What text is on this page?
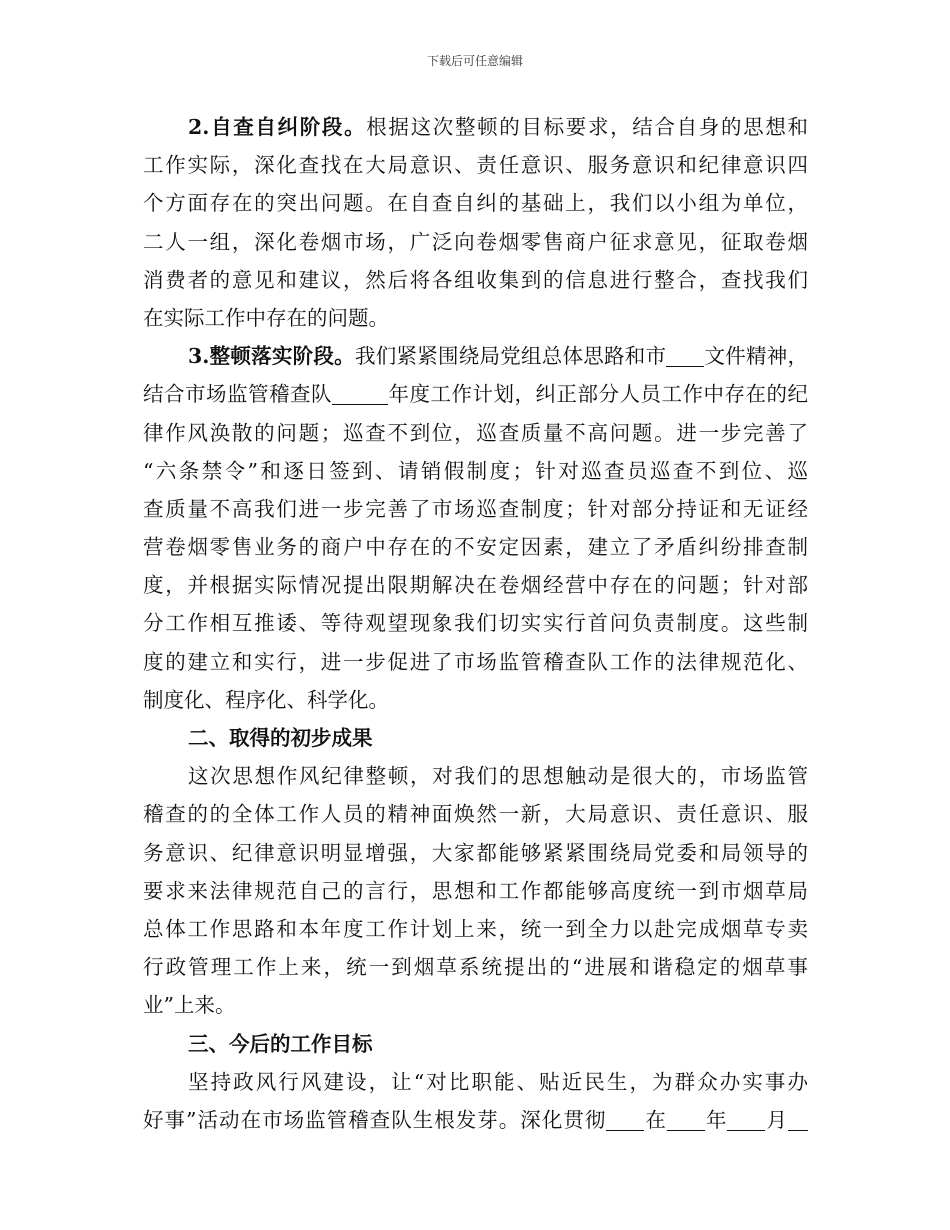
下载后可任意编辑
2.自查自纠阶段。根据这次整顿的目标要求，结合自身的思想和
工作实际，深化查找在大局意识、责任意识、服务意识和纪律意识四
个方面存在的突出问题。在自查自纠的基础上，我们以小组为单位，
二人一组，深化卷烟市场，广泛向卷烟零售商户征求意见，征取卷烟
消费者的意见和建议，然后将各组收集到的信息进行整合，查找我们
在实际工作中存在的问题。
3.整顿落实阶段。我们紧紧围绕局党组总体思路和市 文件精神，
结合市场监管稽查队	年度工作计划，纠正部分人员工作中存在的纪
律作风涣散的问题；巡查不到位，巡查质量不高问题。进一步完善了
“六条禁令”和逐日签到、请销假制度；针对巡查员巡查不到位、巡
查质量不高我们进一步完善了市场巡查制度；针对部分持证和无证经
营卷烟零售业务的商户中存在的不安定因素，建立了矛盾纠纷排查制
度，并根据实际情况提出限期解决在卷烟经营中存在的问题；针对部
分工作相互推诿、等待观望现象我们切实实行首问负责制度。这些制
度的建立和实行，进一步促进了市场监管稽查队工作的法律规范化、
制度化、程序化、科学化。
二、取得的初步成果
这次思想作风纪律整顿，对我们的思想触动是很大的，市场监管
稽查的的全体工作人员的精神面焕然一新，大局意识、责任意识、服
务意识、纪律意识明显增强，大家都能够紧紧围绕局党委和局领导的
要求来法律规范自己的言行，思想和工作都能够高度统一到市烟草局
总体工作思路和本年度工作计划上来，统一到全力以赴完成烟草专卖
行政管理工作上来，统一到烟草系统提出的“进展和谐稳定的烟草事
业”上来。
三、今后的工作目标
坚持政风行风建设，让“对比职能、贴近民生，为群众办实事办
好事”活动在市场监管稽查队生根发芽。深化贯彻 在 年 月
